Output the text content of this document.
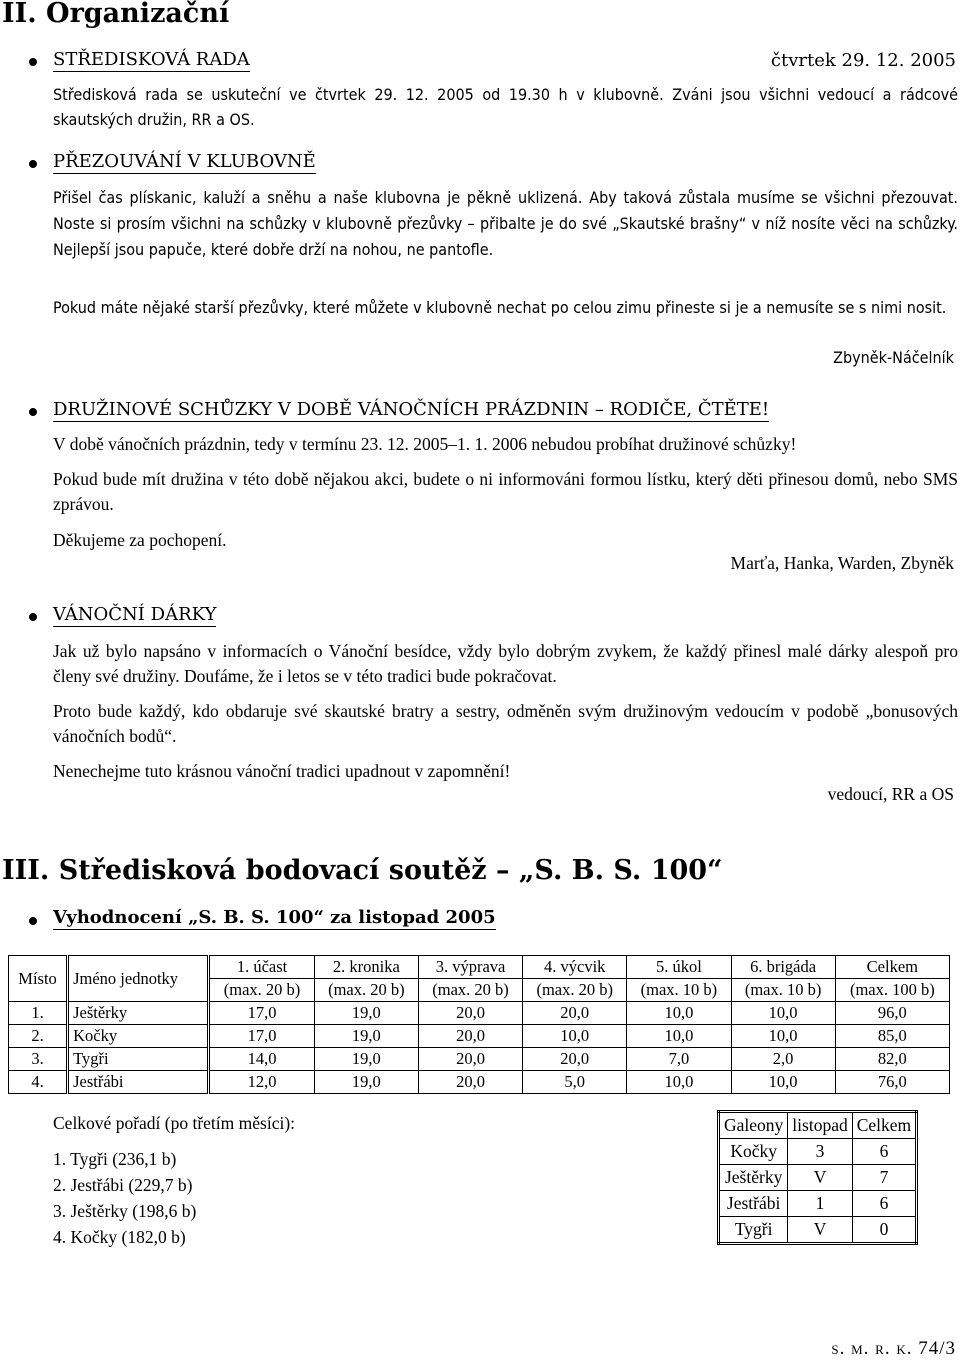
II. Organizační
STŘEDISKOVÁ RADA	čtvrtek 29. 12. 2005

Středisková rada se uskuteční ve čtvrtek 29. 12. 2005 od 19.30 h v klubovně. Zváni jsou všichni vedoucí a rádcové skautských družin, RR a OS.

PŘEZOUVÁNÍ V KLUBOVNĚ

Přišel čas plískanic, kaluží a sněhu a naše klubovna je pěkně uklizená. Aby taková zůstala musíme se všichni přezouvat. Noste si prosím všichni na schůzky v klubovně přezůvky – přibalte je do své „Skautské brašny“ v níž nosíte věci na schůzky. Nejlepší jsou papuče, které dobře drží na nohou, ne pantofle.

Pokud máte nějaké starší přezůvky, které můžete v klubovně nechat po celou zimu přineste si je a nemusíte se s nimi nosit.

Zbyněk-Náčelník
DRUŽINOVÉ SCHŮZKY V DOBĚ VÁNOČNÍCH PRÁZDNIN – RODIČE, ČTĚTE!

V době vánočních prázdnin, tedy v termínu 23. 12. 2005–1. 1. 2006 nebudou probíhat družinové schůzky!

Pokud bude mít družina v této době nějakou akci, budete o ni informováni formou lístku, který děti přinesou domů, nebo SMS zprávou.

Děkujeme za pochopení.

Marťa, Hanka, Warden, Zbyněk
VÁNOČNÍ DÁRKY

Jak už bylo napsáno v informacích o Vánoční besídce, vždy bylo dobrým zvykem, že každý přinesl malé dárky alespoň pro členy své družiny. Doufáme, že i letos se v této tradici bude pokračovat.

Proto bude každý, kdo obdaruje své skautské bratry a sestry, odměněn svým družinovým vedoucím v podobě „bonusových vánočních bodů“.

Nenechejme tuto krásnou vánoční tradici upadnout v zapomnění!

vedoucí, RR a OS
III. Středisková bodovací soutěž – „S. B. S. 100“
Vyhodnocení „S. B. S. 100“ za listopad 2005
Místo	Jméno jednotky	1. účast	2. kronika	3. výprava	4. výcvik	5. úkol	6. brigáda	Celkem
		(max. 20 b)	(max. 20 b)	(max. 20 b)	(max. 20 b)	(max. 10 b)	(max. 10 b)	(max. 100 b)
1.	Ještěrky	17,0	19,0	20,0	20,0	10,0	10,0	96,0
2.	Kočky	17,0	19,0	20,0	10,0	10,0	10,0	85,0
3.	Tygři	14,0	19,0	20,0	20,0	7,0	2,0	82,0
4.	Jestřábi	12,0	19,0	20,0	5,0	10,0	10,0	76,0
Celkové pořadí (po třetím měsíci):
1. Tygři (236,1 b)
2. Jestřábi (229,7 b)
3. Ještěrky (198,6 b)
4. Kočky (182,0 b)
Galeony	listopad	Celkem
Kočky	3	6
Ještěrky	V	7
Jestřábi	1	6
Tygři	V	0
s. m. r. k. 74/3
